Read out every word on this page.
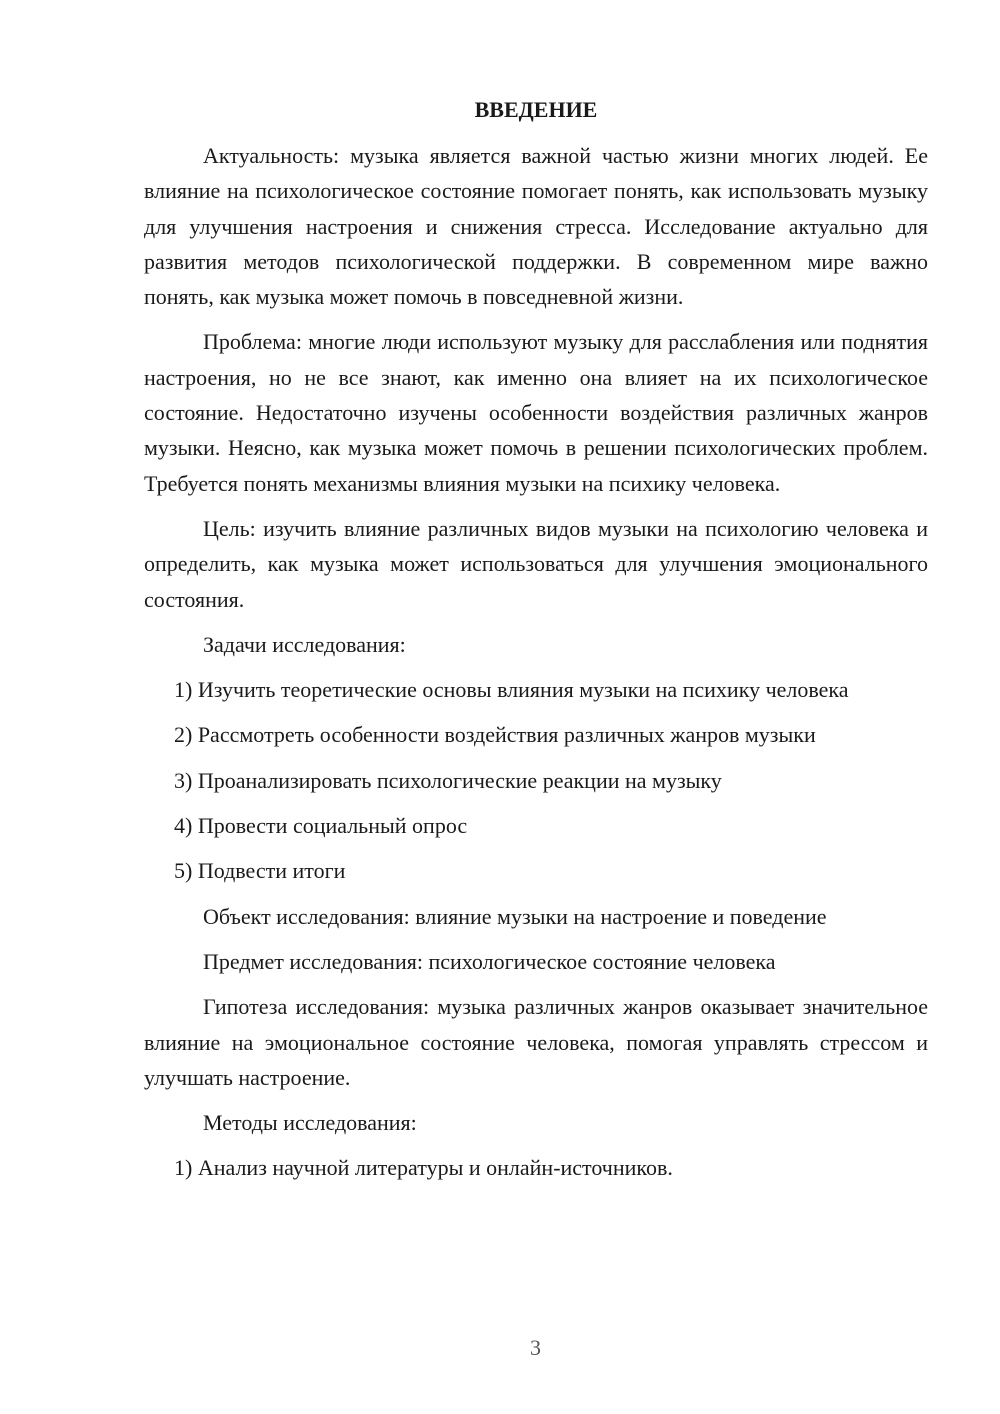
ВВЕДЕНИЕ

Актуальность: музыка является важной частью жизни многих людей. Ее влияние на психологическое состояние помогает понять, как использовать музыку для улучшения настроения и снижения стресса. Исследование актуально для развития методов психологической поддержки. В современном мире важно понять, как музыка может помочь в повседневной жизни.

Проблема: многие люди используют музыку для расслабления или поднятия настроения, но не все знают, как именно она влияет на их психологическое состояние. Недостаточно изучены особенности воздействия различных жанров музыки. Неясно, как музыка может помочь в решении психологических проблем. Требуется понять механизмы влияния музыки на психику человека.

Цель: изучить влияние различных видов музыки на психологию человека и определить, как музыка может использоваться для улучшения эмоционального состояния.

Задачи исследования:

1) Изучить теоретические основы влияния музыки на психику человека

2) Рассмотреть особенности воздействия различных жанров музыки

3) Проанализировать психологические реакции на музыку

4) Провести социальный опрос

5) Подвести итоги

Объект исследования: влияние музыки на настроение и поведение

Предмет исследования: психологическое состояние человека

Гипотеза исследования: музыка различных жанров оказывает значительное влияние на эмоциональное состояние человека, помогая управлять стрессом и улучшать настроение.

Методы исследования:

1) Анализ научной литературы и онлайн-источников.

3
